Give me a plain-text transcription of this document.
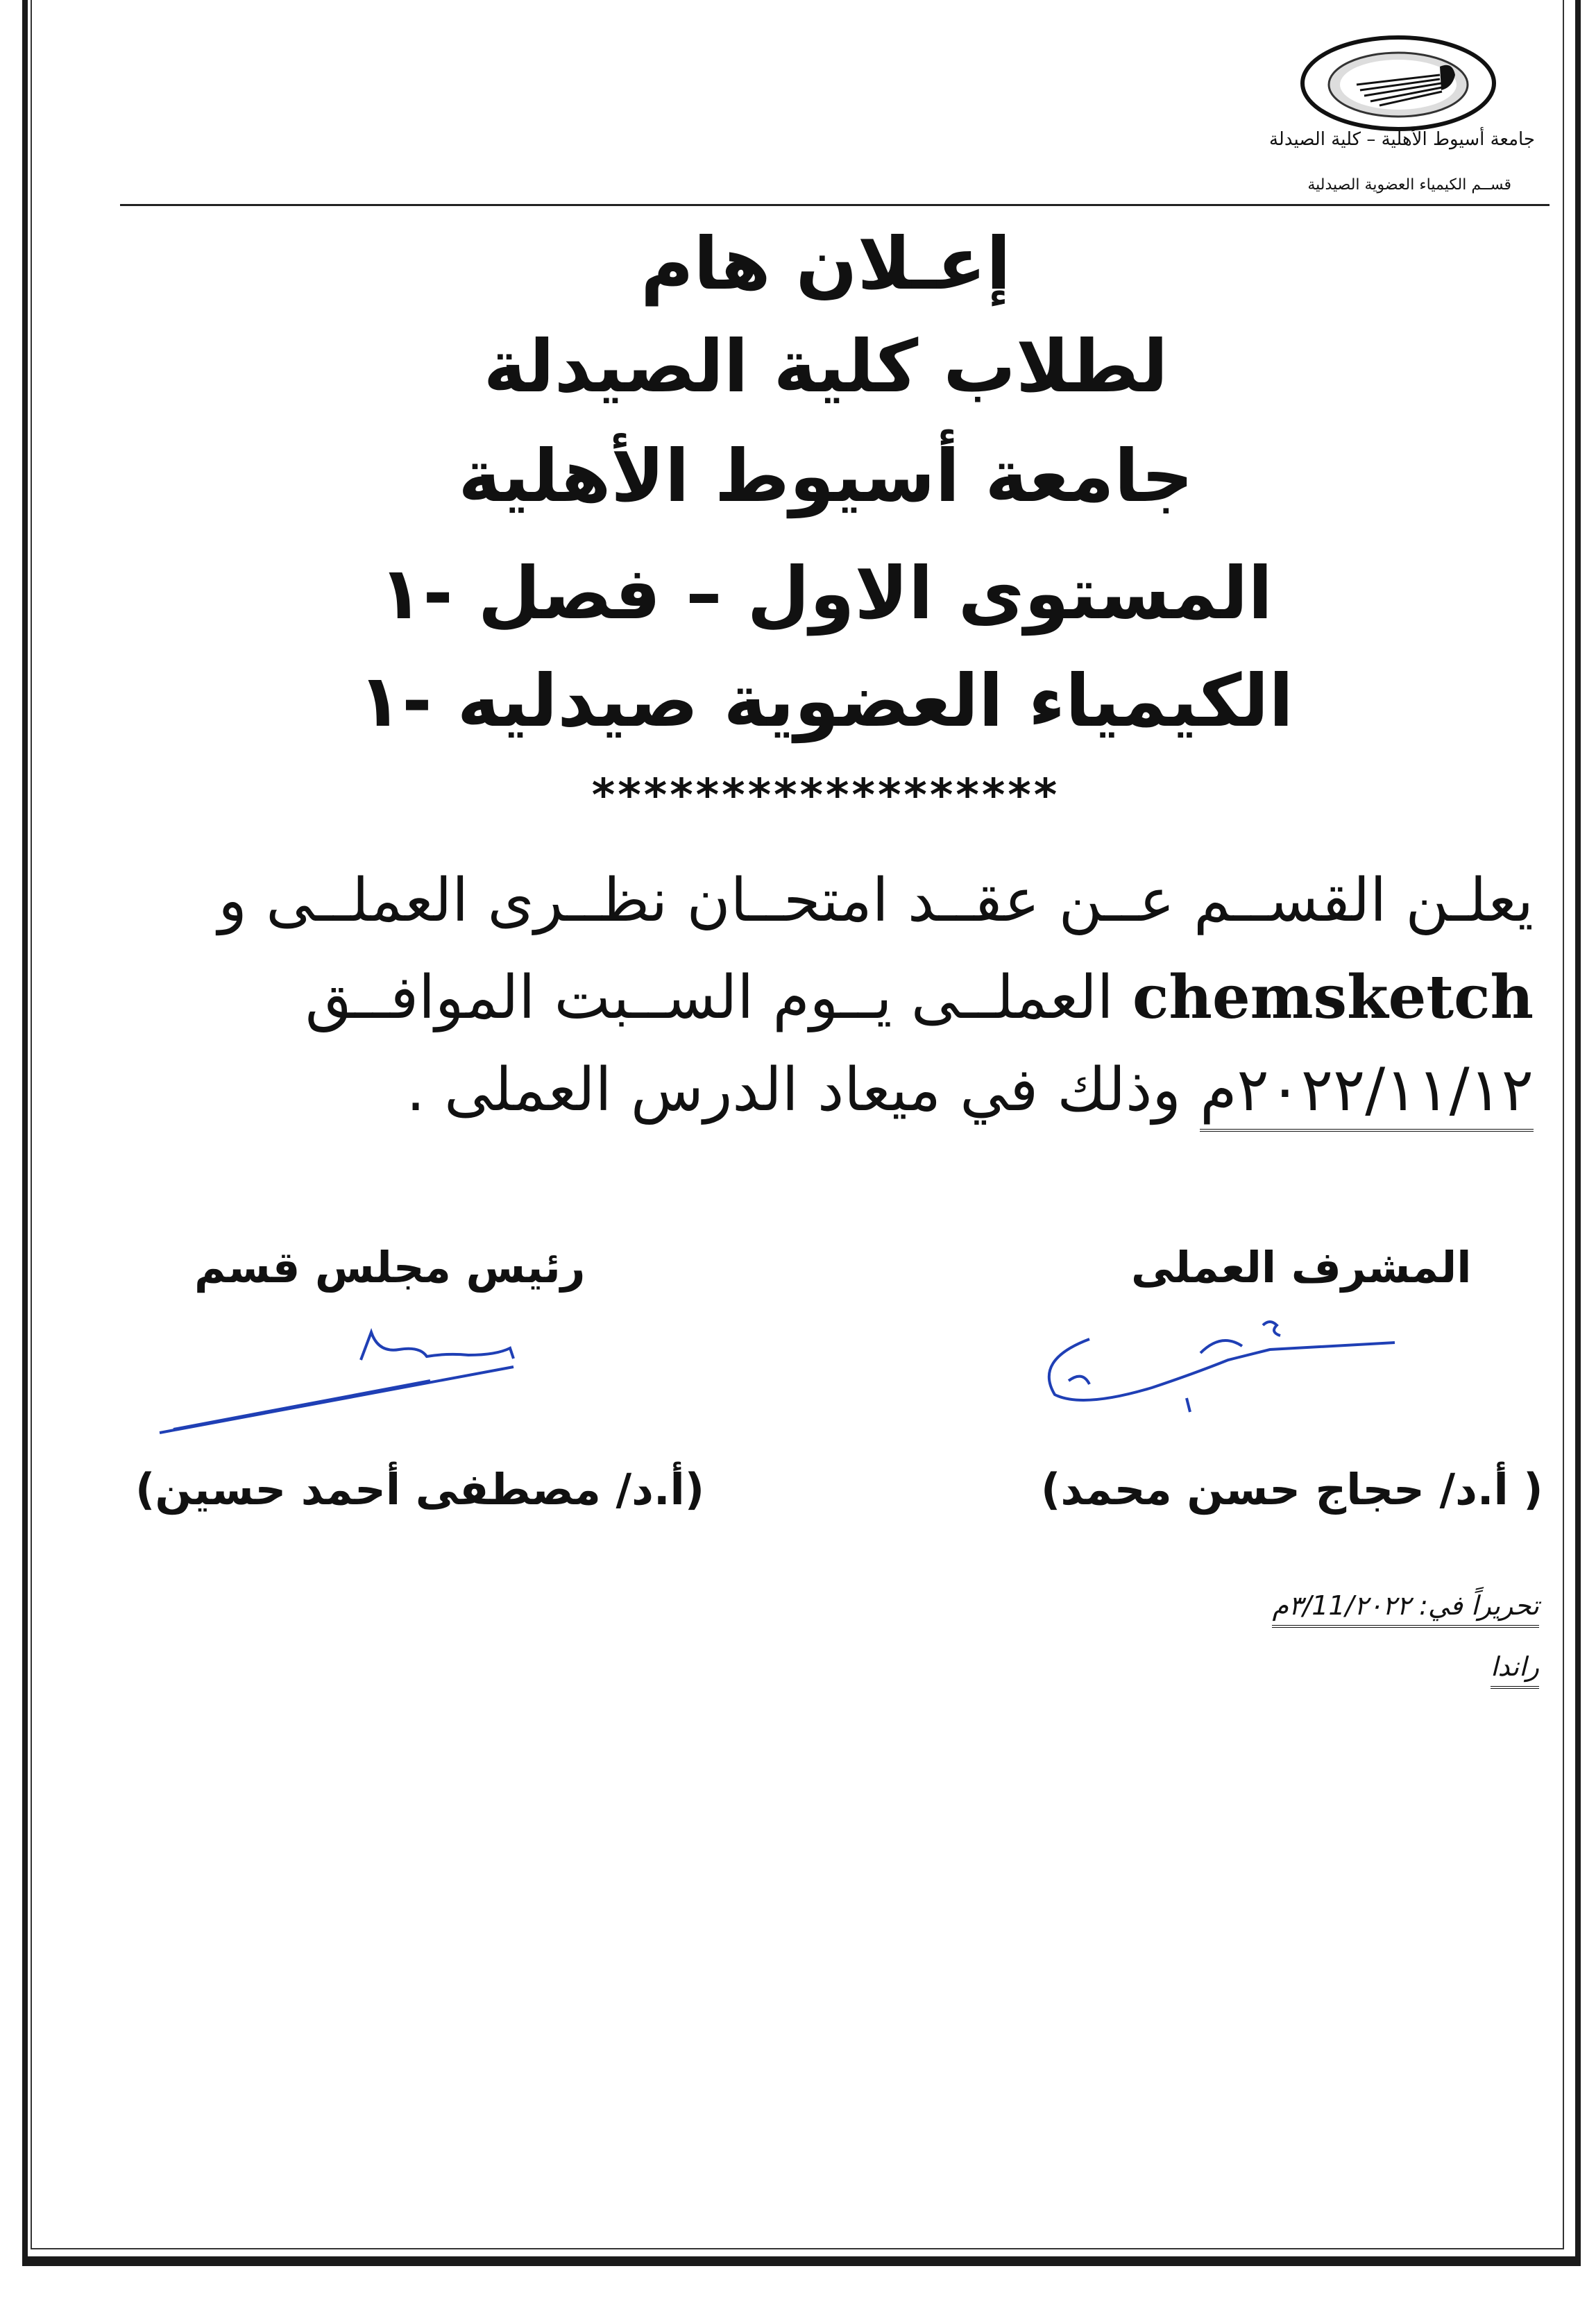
جامعة أسيوط الأهلية – كلية الصيدلة
قســم الكيمياء العضوية الصيدلية
إعـلان هام
لطلاب كلية الصيدلة
جامعة أسيوط الأهلية
المستوى الاول – فصل -١
الكيمياء العضوية صيدليه -١
******************
يعلـن القســم عــن عقــد امتحــان نظــرى العملــى و
chemsketch العملــى يــوم الســبت الموافــق
٢٠٢٢/١١/١٢م وذلك في ميعاد الدرس العملى .
المشرف العملى
رئيس مجلس قسم
( أ.د/ حجاج حسن محمد)
(أ.د/ مصطفى أحمد حسين)
تحريراً في: ٣/11/٢٠٢٢م
راندا
